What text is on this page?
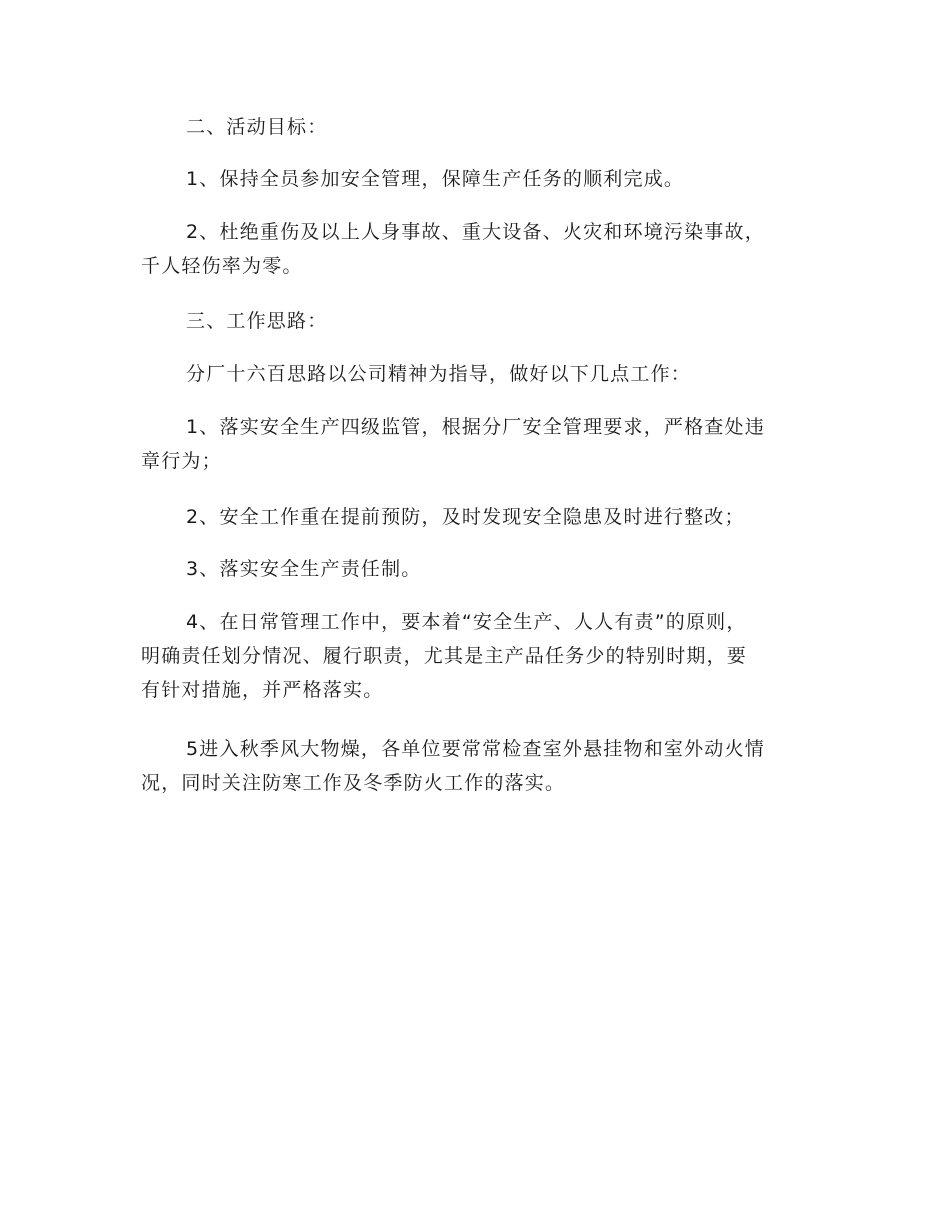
二、活动目标：
1、保持全员参加安全管理，保障生产任务的顺利完成。
2、杜绝重伤及以上人身事故、重大设备、火灾和环境污染事故，
千人轻伤率为零。
三、工作思路：
分厂十六百思路以公司精神为指导，做好以下几点工作：
1、落实安全生产四级监管，根据分厂安全管理要求，严格查处违
章行为；
2、安全工作重在提前预防，及时发现安全隐患及时进行整改；
3、落实安全生产责任制。
4、在日常管理工作中，要本着“安全生产、人人有责”的原则，
明确责任划分情况、履行职责，尤其是主产品任务少的特别时期，要
有针对措施，并严格落实。
5进入秋季风大物燥，各单位要常常检查室外悬挂物和室外动火情
况，同时关注防寒工作及冬季防火工作的落实。
